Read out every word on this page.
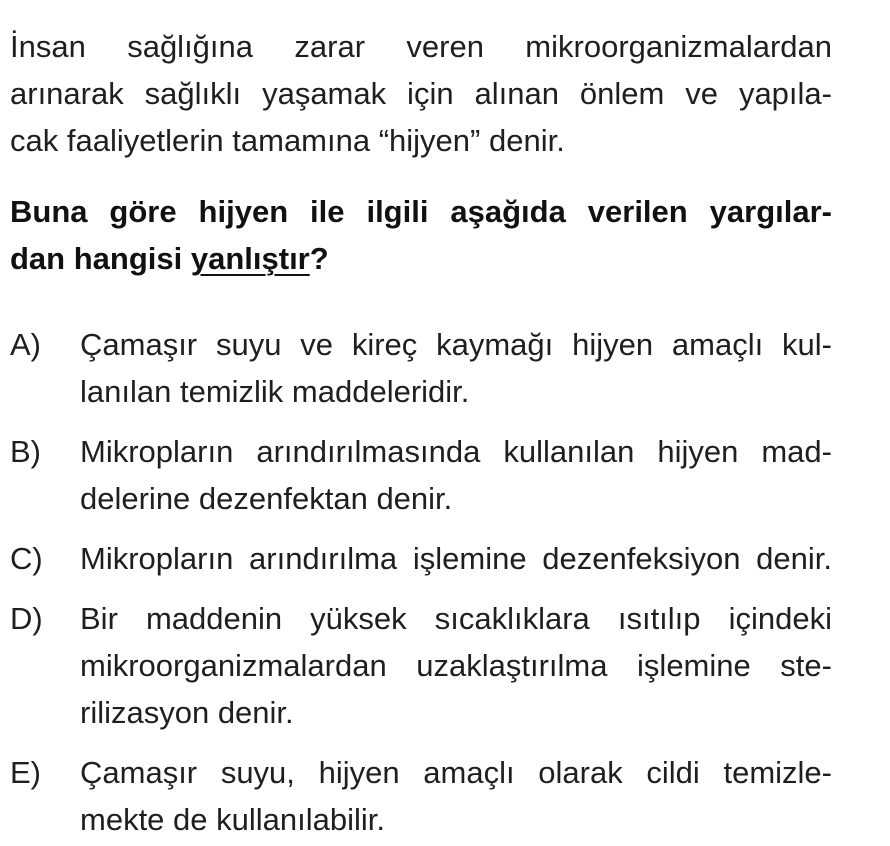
İnsan sağlığına zarar veren mikroorganizmalardan
arınarak sağlıklı yaşamak için alınan önlem ve yapıla-
cak faaliyetlerin tamamına “hijyen” denir.
Buna göre hijyen ile ilgili aşağıda verilen yargılar-
dan hangisi yanlıştır?
A) Çamaşır suyu ve kireç kaymağı hijyen amaçlı kul-
lanılan temizlik maddeleridir.
B) Mikropların arındırılmasında kullanılan hijyen mad-
delerine dezenfektan denir.
C) Mikropların arındırılma işlemine dezenfeksiyon denir.
D) Bir maddenin yüksek sıcaklıklara ısıtılıp içindeki
mikroorganizmalardan uzaklaştırılma işlemine ste-
rilizasyon denir.
E) Çamaşır suyu, hijyen amaçlı olarak cildi temizle-
mekte de kullanılabilir.
